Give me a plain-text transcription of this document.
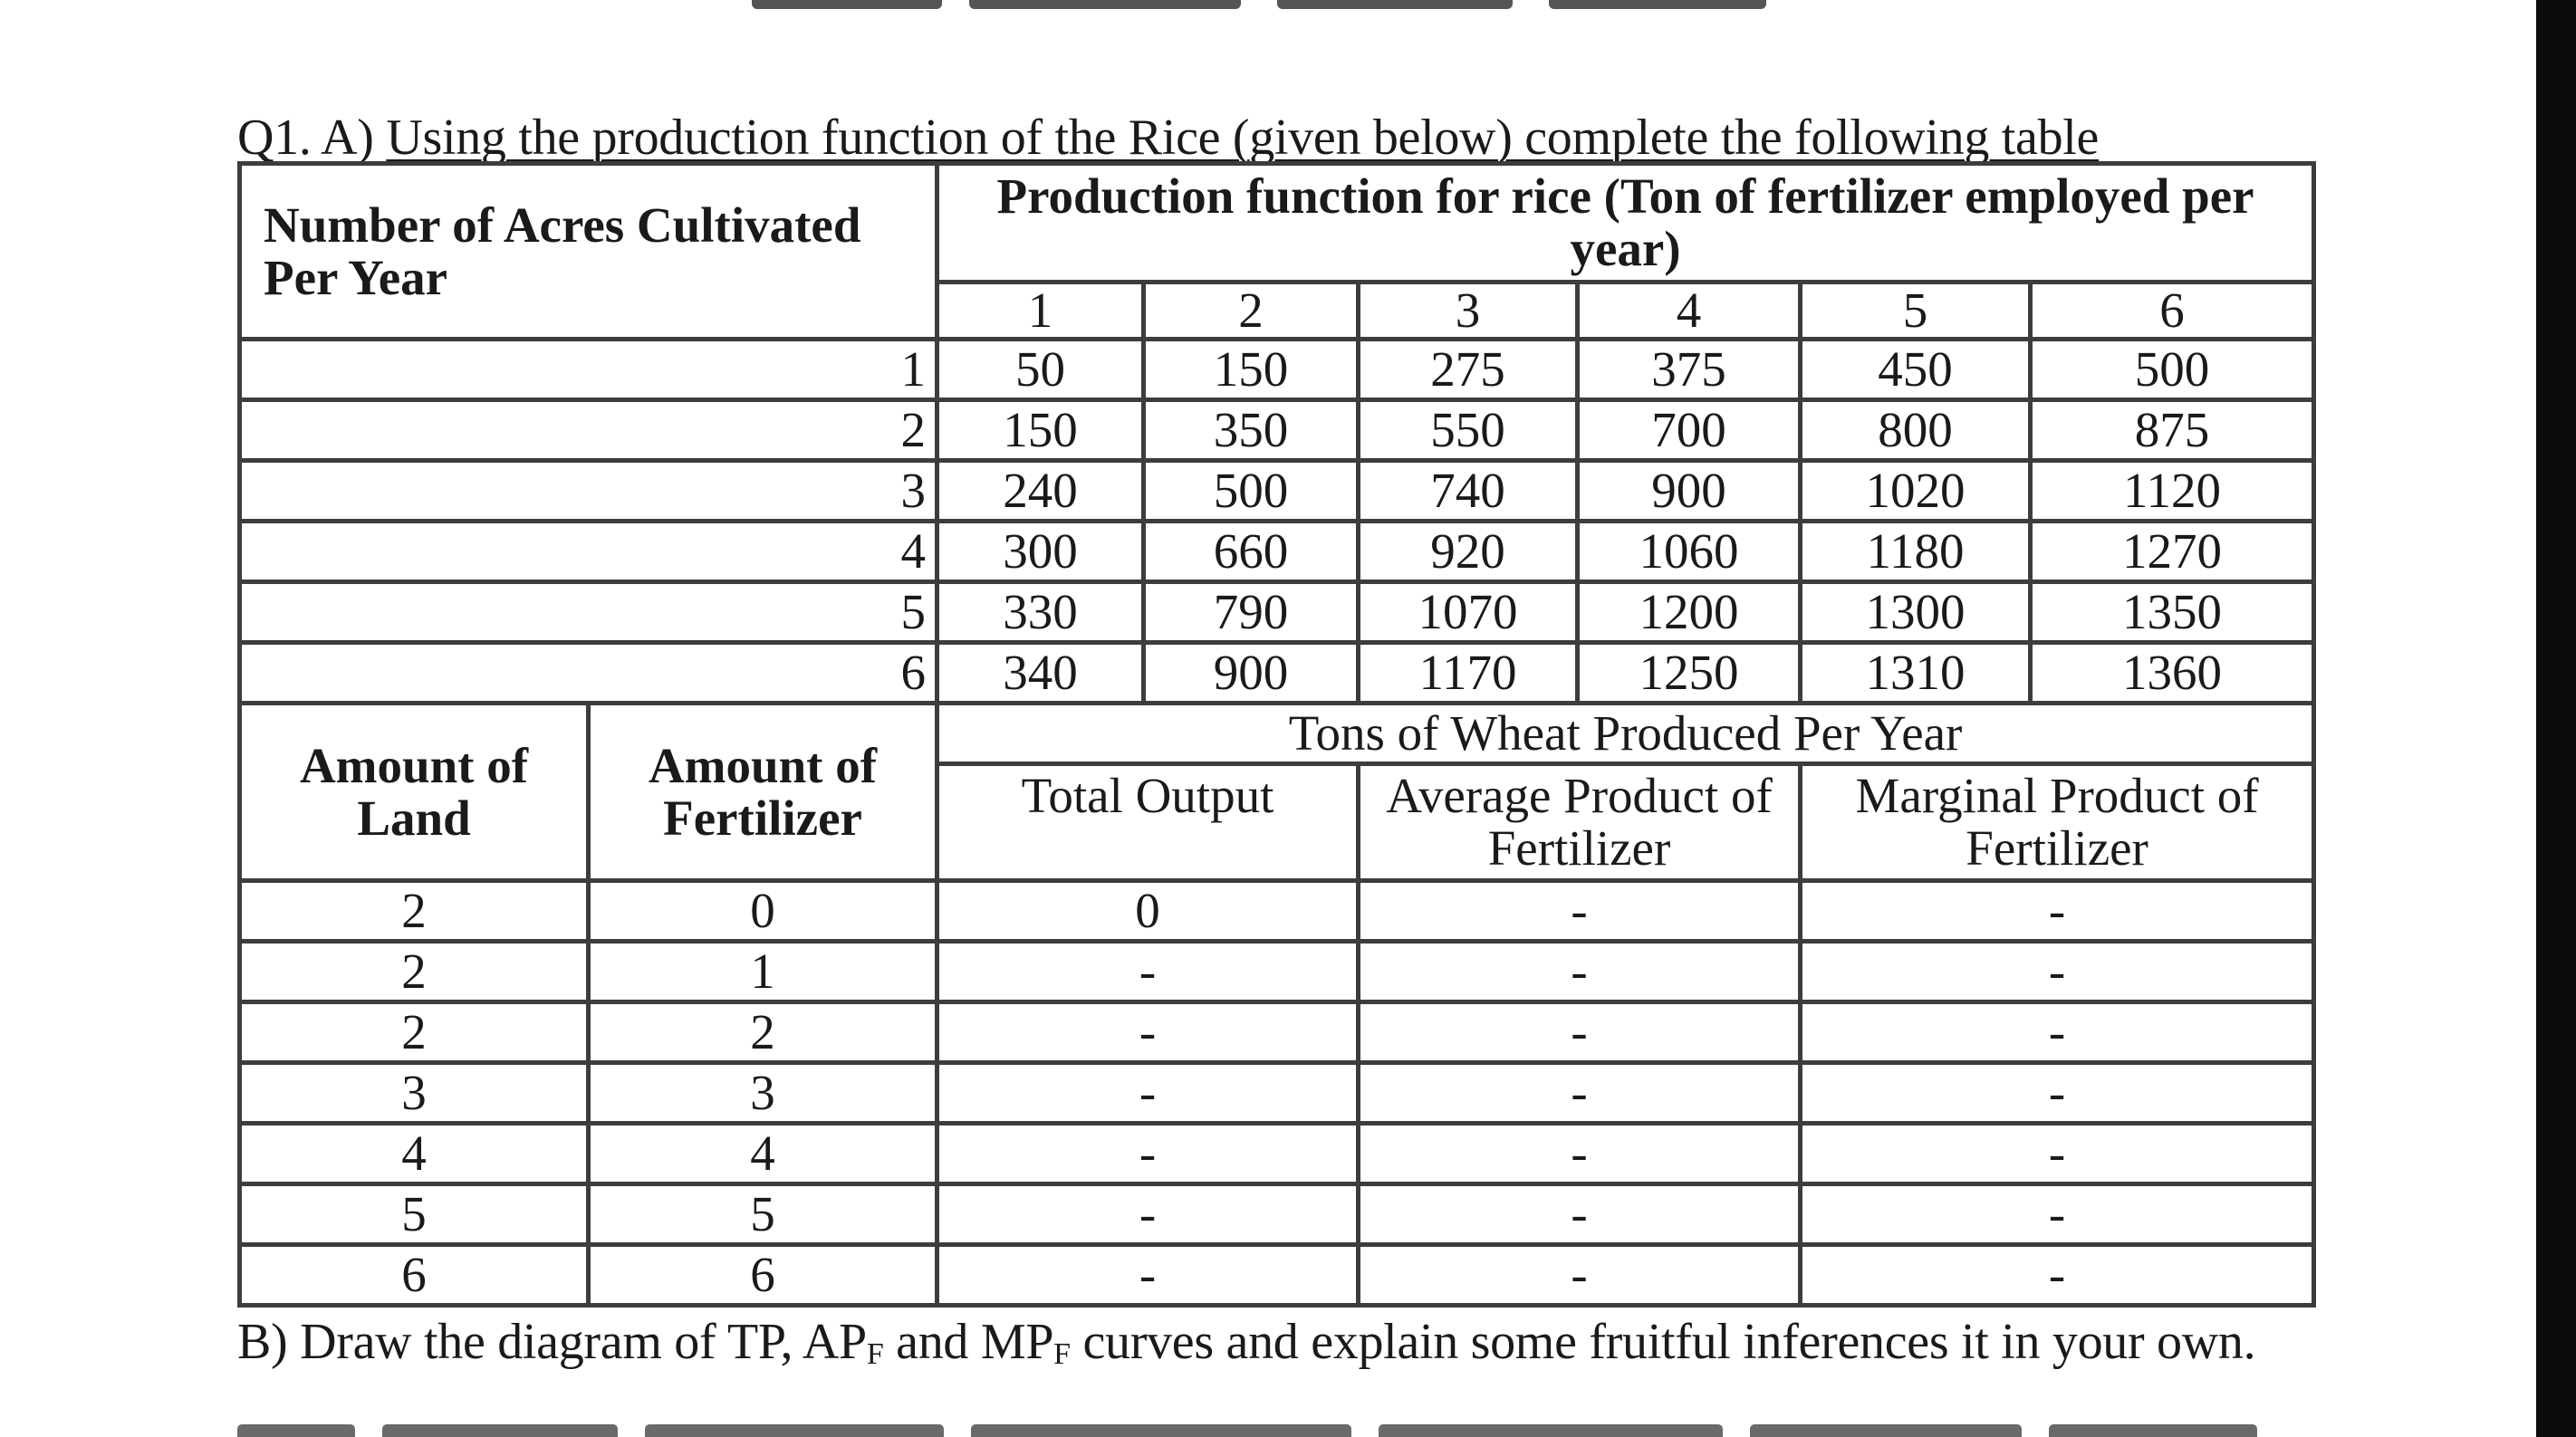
Q1. A) Using the production function of the Rice (given below) complete the following table
Number of Acres Cultivated Per Year		Production function for rice (Ton of fertilizer employed per year)					
		1	2	3	4	5	6
1		50	150	275	375	450	500
2		150	350	550	700	800	875
3		240	500	740	900	1020	1120
4		300	660	920	1060	1180	1270
5		330	790	1070	1200	1300	1350
6		340	900	1170	1250	1310	1360
Amount of Land	Amount of Fertilizer	Tons of Wheat Produced Per Year					
		Total Output		Average Product of Fertilizer		Marginal Product of Fertilizer	
2	0	0		-		-	
2	1	-		-		-	
2	2	-		-		-	
3	3	-		-		-	
4	4	-		-		-	
5	5	-		-		-	
6	6	-		-		-	
B) Draw the diagram of TP, APF and MPF curves and explain some fruitful inferences it in your own.
